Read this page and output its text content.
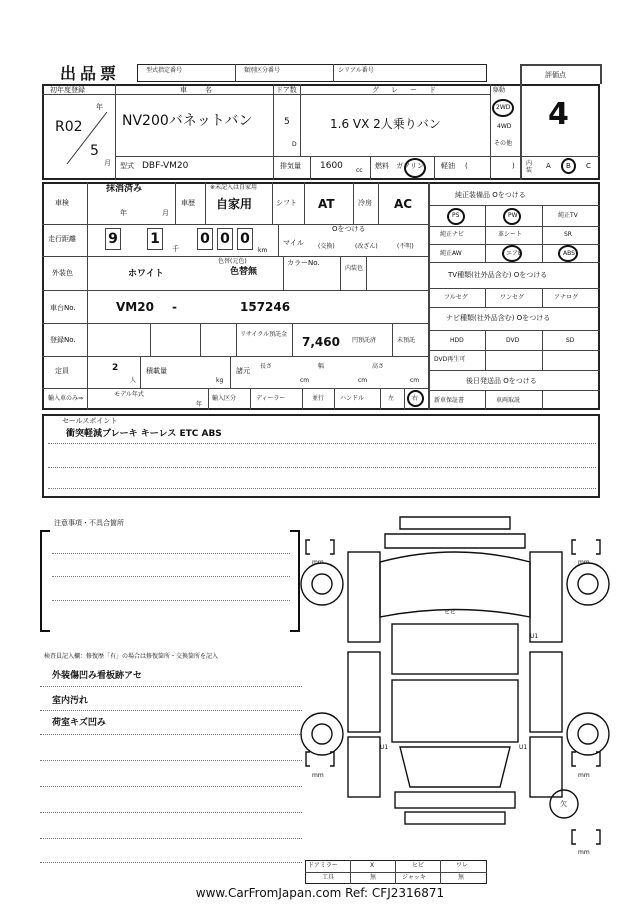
出品票	型式指定番号	類別区分番号	シリアル番号
評価点
初年度登録
年
R02
5
月
車名
NV200バネットバン
ドア数
5
D
グレード
1.6 VX 2人乗りバン
駆動
2WD
4WD
その他
4
型式 DBF-VM20	排気量 1600 cc
燃料 ガソリン 軽油 (	) 内装
A B C
車検
抹消済み
年	月
車歴
※未記入は自家用
自家用	シフト AT	冷房 AC
走行距離 9 1	0 0 0
千	km
Oをつける
マイル (交換)	(改ざん)	(不明)
外装色	ホワイト
色替(元色)
色替無
カラーNo.
内装色
車台No.	VM20 -	157246
登録No.
リサイクル預託金
7,460 円預託済	未預託
定員	2
人
積載量
kg
諸元
長さ
cm
幅
cm
高さ
cm
輸入車のみ⇒
モデル年式
年
輸入区分	ディーラー	並行	ハンドル	左	右
純正装備品 Oをつける
PS	PW	純正TV
純正ナビ	革シート	SR
純正AW	エアB	ABS
TV種類(社外品含む) Oをつける
フルセグ	ワンセグ	アナログ
ナビ種類(社外品含む) Oをつける
HDD	DVD	SD
DVD再生可
後日発送品 Oをつける
新車保証書	車両取説
セールスポイント
衝突軽減ブレーキ キーレス ETC ABS
注意事項・不具合箇所
検査員記入欄：修復歴「有」の場合は修復箇所・交換箇所を記入
外装傷凹み看板跡アセ
室内汚れ
荷室キズ凹み
mm	mm
mm	mm
mm
ヒビ
U1
U1	U1
欠
ドアミラー	X	ヒビ	ワレ
工具	無	ジャッキ	無
www.CarFromJapan.com Ref: CFJ2316871
